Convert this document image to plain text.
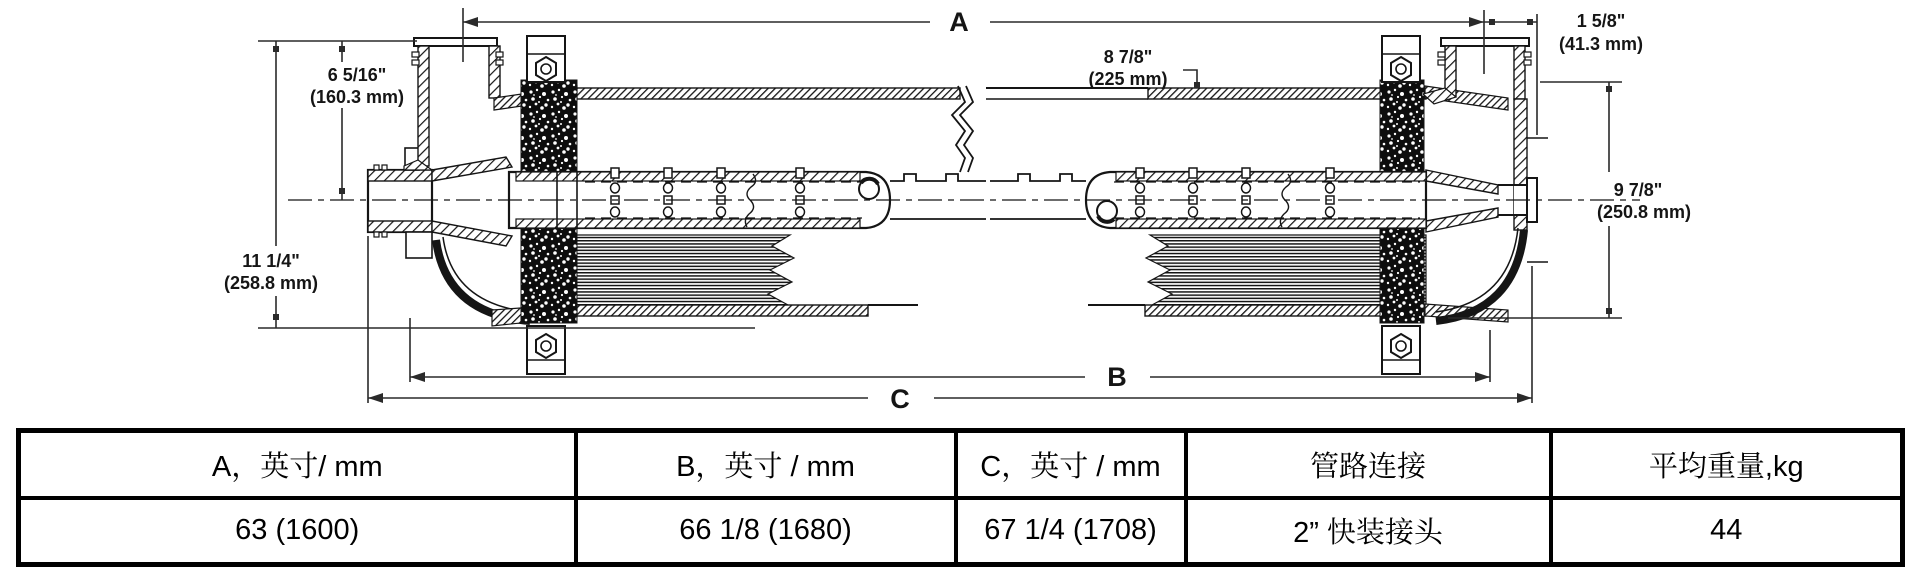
A	1 5/8"
(41.3 mm)
6 5/16"
(160.3 mm)
11 1/4"
(258.8 mm)
8 7/8"
(225 mm)
9 7/8"
(250.8 mm)
B
C
A，英寸/ mm	B，英寸 / mm	C，英寸 / mm	管路连接	平均重量,kg
63 (1600)	66 1/8 (1680)	67 1/4 (1708)	2” 快装接头	44
